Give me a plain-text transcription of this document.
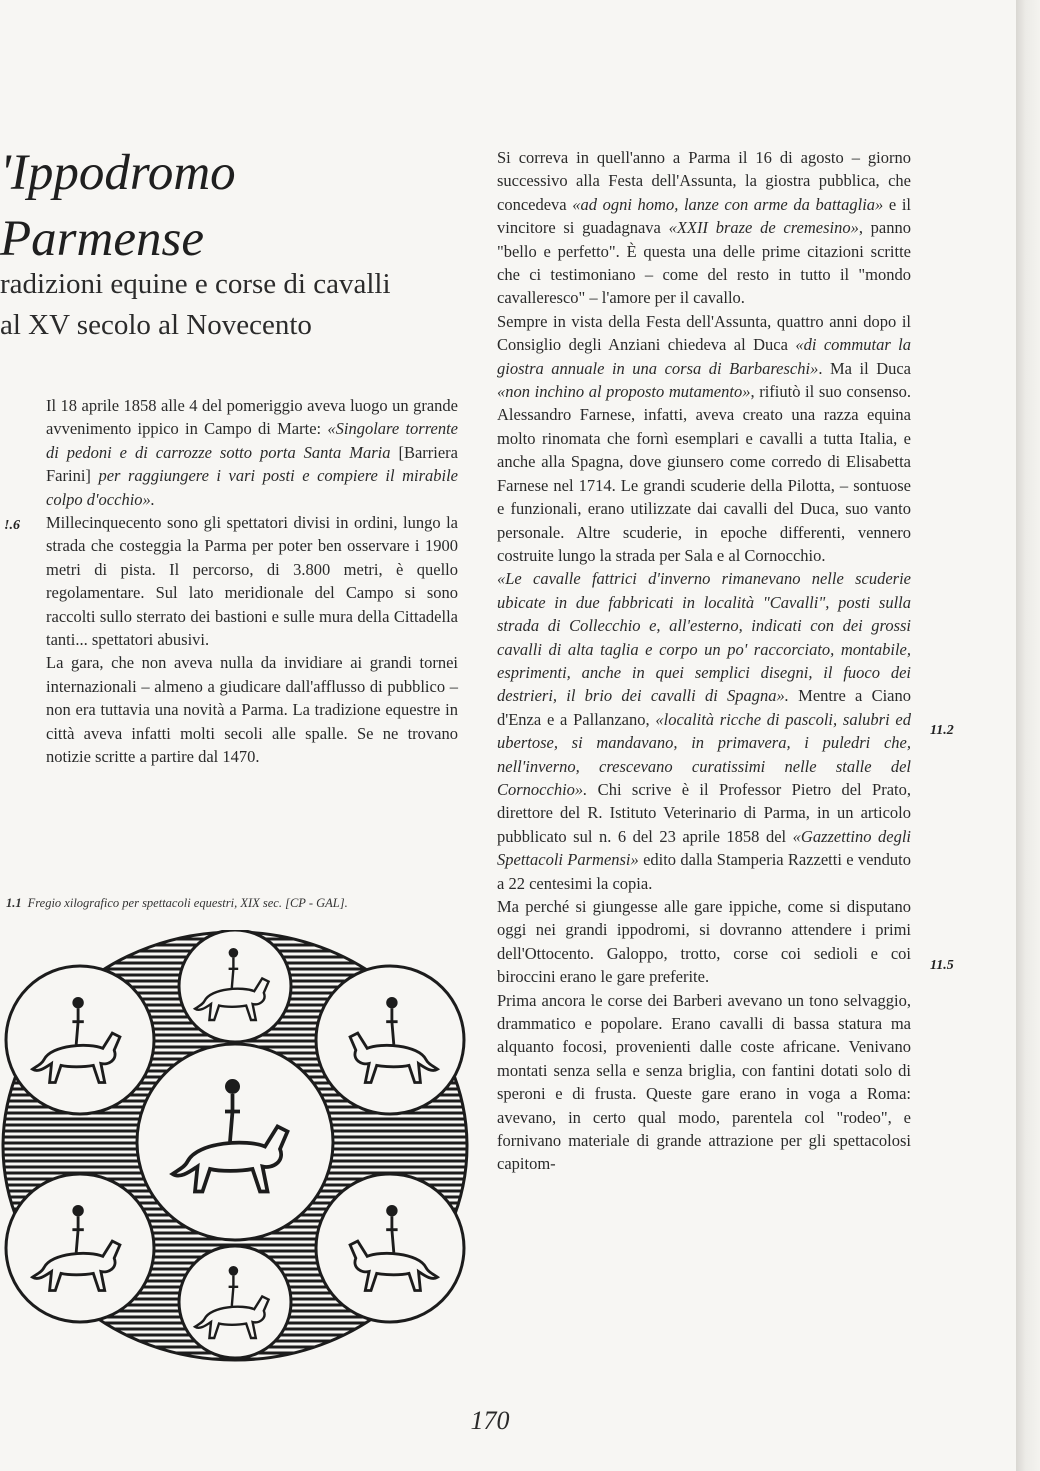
'Ippodromo
Parmense
radizioni equine e corse di cavalli
al XV secolo al Novecento

Il 18 aprile 1858 alle 4 del pomeriggio aveva luogo un grande avvenimento ippico in Campo di Marte: «Singolare torrente di pedoni e di carrozze sotto porta Santa Maria [Barriera Farini] per raggiungere i vari posti e compiere il mirabile colpo d'occhio».

Millecinquecento sono gli spettatori divisi in ordini, lungo la strada che costeggia la Parma per poter ben osservare i 1900 metri di pista. Il percorso, di 3.800 metri, è quello regolamentare. Sul lato meridionale del Campo si sono raccolti sullo sterrato dei bastioni e sulle mura della Cittadella tanti... spettatori abusivi.

La gara, che non aveva nulla da invidiare ai grandi tornei internazionali – almeno a giudicare dall'afflusso di pubblico – non era tuttavia una novità a Parma. La tradizione equestre in città aveva infatti molti secoli alle spalle. Se ne trovano notizie scritte a partire dal 1470.

!.6

Si correva in quell'anno a Parma il 16 di agosto – giorno successivo alla Festa dell'Assunta, la giostra pubblica, che concedeva «ad ogni homo, lanze con arme da battaglia» e il vincitore si guadagnava «XXII braze de cremesino», panno "bello e perfetto". È questa una delle prime citazioni scritte che ci testimoniano – come del resto in tutto il "mondo cavalleresco" – l'amore per il cavallo.

Sempre in vista della Festa dell'Assunta, quattro anni dopo il Consiglio degli Anziani chiedeva al Duca «di commutar la giostra annuale in una corsa di Barbareschi». Ma il Duca «non inchino al proposto mutamento», rifiutò il suo consenso. Alessandro Farnese, infatti, aveva creato una razza equina molto rinomata che fornì esemplari e cavalli a tutta Italia, e anche alla Spagna, dove giunsero come corredo di Elisabetta Farnese nel 1714. Le grandi scuderie della Pilotta, – sontuose e funzionali, erano utilizzate dai cavalli del Duca, suo vanto personale. Altre scuderie, in epoche differenti, vennero costruite lungo la strada per Sala e al Cornocchio.

«Le cavalle fattrici d'inverno rimanevano nelle scuderie ubicate in due fabbricati in località "Cavalli", posti sulla strada di Collecchio e, all'esterno, indicati con dei grossi cavalli di alta taglia e corpo un po' raccorciato, montabile, esprimenti, anche in quei semplici disegni, il fuoco dei destrieri, il brio dei cavalli di Spagna». Mentre a Ciano d'Enza e a Pallanzano, «località ricche di pascoli, salubri ed ubertose, si mandavano, in primavera, i puledri che, nell'inverno, crescevano curatissimi nelle stalle del Cornocchio». Chi scrive è il Professor Pietro del Prato, direttore del R. Istituto Veterinario di Parma, in un articolo pubblicato sul n. 6 del 23 aprile 1858 del «Gazzettino degli Spettacoli Parmensi» edito dalla Stamperia Razzetti e venduto a 22 centesimi la copia.

Ma perché si giungesse alle gare ippiche, come si disputano oggi nei grandi ippodromi, si dovranno attendere i primi dell'Ottocento. Galoppo, trotto, corse coi sedioli e coi biroccini erano le gare preferite.

Prima ancora le corse dei Barberi avevano un tono selvaggio, drammatico e popolare. Erano cavalli di bassa statura ma alquanto focosi, provenienti dalle coste africane. Venivano montati senza sella e senza briglia, con fantini dotati solo di speroni e di frusta. Queste gare erano in voga a Roma: avevano, in certo qual modo, parentela col "rodeo", e fornivano materiale di grande attrazione per gli spettacolosi capitom-

11.2
11.5
1.1 Fregio xilografico per spettacoli equestri, XIX sec. [CP - GAL].
170
